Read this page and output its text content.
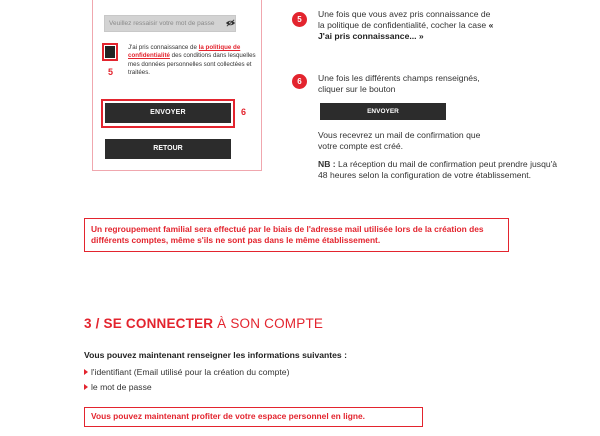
Veuillez ressaisir votre mot de passe
5
J'ai pris connaissance de la politique de confidentialité des conditions dans lesquelles mes données personnelles sont collectées et traitées.
ENVOYER	6
RETOUR
5
Une fois que vous avez pris connaissance de la politique de confidentialité, cocher la case « J'ai pris connaissance... »
6	Une fois les différents champs renseignés, cliquer sur le bouton
ENVOYER
Vous recevrez un mail de confirmation que votre compte est créé.
NB : La réception du mail de confirmation peut prendre jusqu'à 48 heures selon la configuration de votre établissement.
Un regroupement familial sera effectué par le biais de l'adresse mail utilisée lors de la création des différents comptes, même s'ils ne sont pas dans le même établissement.
3 / SE CONNECTER À SON COMPTE
Vous pouvez maintenant renseigner les informations suivantes :
l'identifiant (Email utilisé pour la création du compte)
le mot de passe
Vous pouvez maintenant profiter de votre espace personnel en ligne.
